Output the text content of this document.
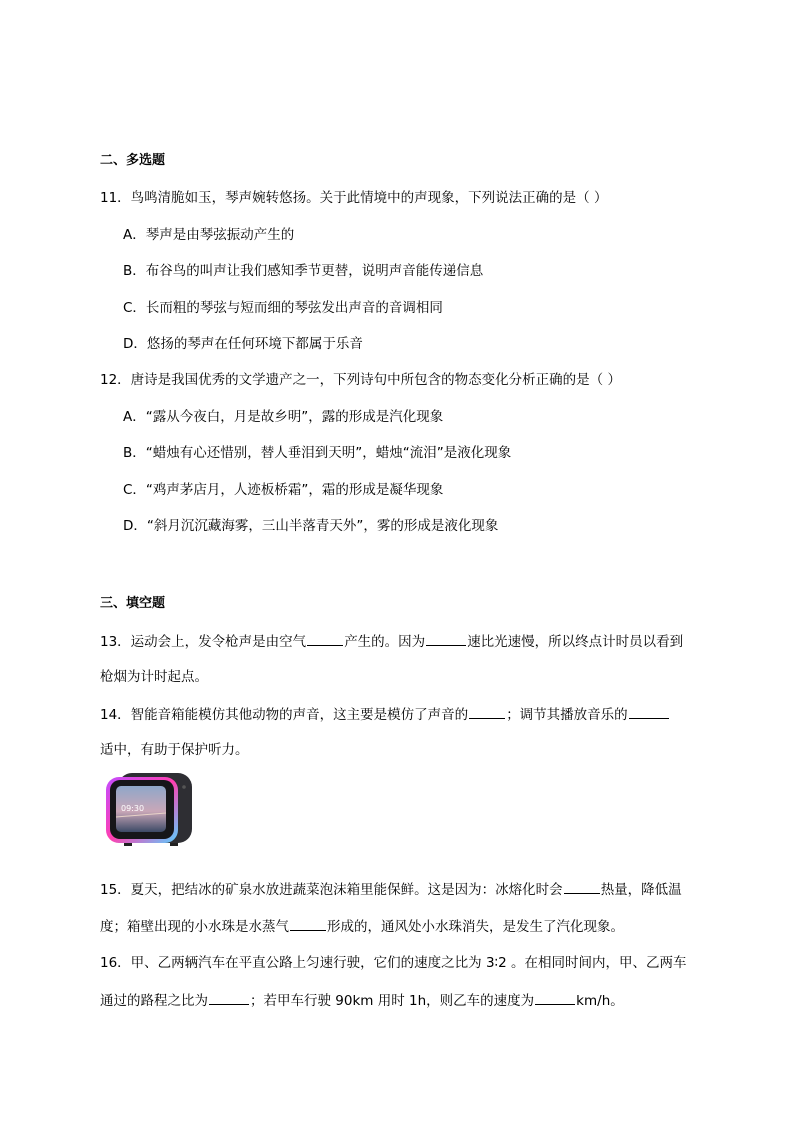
二、多选题
11．鸟鸣清脆如玉，琴声婉转悠扬。关于此情境中的声现象，下列说法正确的是（ ）
A．琴声是由琴弦振动产生的
B．布谷鸟的叫声让我们感知季节更替，说明声音能传递信息
C．长而粗的琴弦与短而细的琴弦发出声音的音调相同
D．悠扬的琴声在任何环境下都属于乐音
12．唐诗是我国优秀的文学遗产之一，下列诗句中所包含的物态变化分析正确的是（ ）
A．“露从今夜白，月是故乡明”，露的形成是汽化现象
B．“蜡烛有心还惜别，替人垂泪到天明”，蜡烛“流泪”是液化现象
C．“鸡声茅店月，人迹板桥霜”，霜的形成是凝华现象
D．“斜月沉沉藏海雾，三山半落青天外”，雾的形成是液化现象
三、填空题
13．运动会上，发令枪声是由空气	产生的。因为	速比光速慢，所以终点计时员以看到
枪烟为计时起点。
14．智能音箱能模仿其他动物的声音，这主要是模仿了声音的	；调节其播放音乐的
适中，有助于保护听力。
09:30
15．夏天，把结冰的矿泉水放进蔬菜泡沫箱里能保鲜。这是因为：冰熔化时会	热量，降低温
度；箱壁出现的小水珠是水蒸气	形成的，通风处小水珠消失，是发生了汽化现象。
16．甲、乙两辆汽车在平直公路上匀速行驶，它们的速度之比为 3∶2 。在相同时间内，甲、乙两车
通过的路程之比为	；若甲车行驶 90km 用时 1h，则乙车的速度为	km/h。
